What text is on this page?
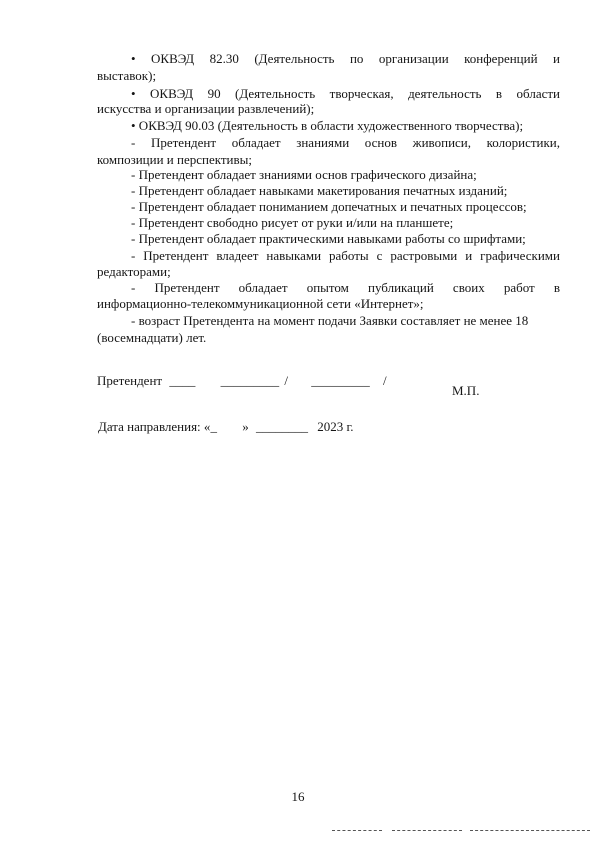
• ОКВЭД 82.30 (Деятельность по организации конференций и
выставок);
• ОКВЭД 90 (Деятельность творческая, деятельность в области
искусства и организации развлечений);
• ОКВЭД 90.03 (Деятельность в области художественного творчества);
- Претендент обладает знаниями основ живописи, колористики,
композиции и перспективы;
- Претендент обладает знаниями основ графического дизайна;
- Претендент обладает навыками макетирования печатных изданий;
- Претендент обладает пониманием допечатных и печатных процессов;
- Претендент свободно рисует от руки и/или на планшете;
- Претендент обладает практическими навыками работы со шрифтами;
- Претендент владеет навыками работы с растровыми и графическими
редакторами;
- Претендент обладает опытом публикаций своих работ в
информационно-телекоммуникационной сети «Интернет»;
- возраст Претендента на момент подачи Заявки составляет не менее 18
(восемнадцати) лет.
Претендент ____ _________ / _________ /
М.П.
Дата направления: «_ » ________ 2023 г.
16
